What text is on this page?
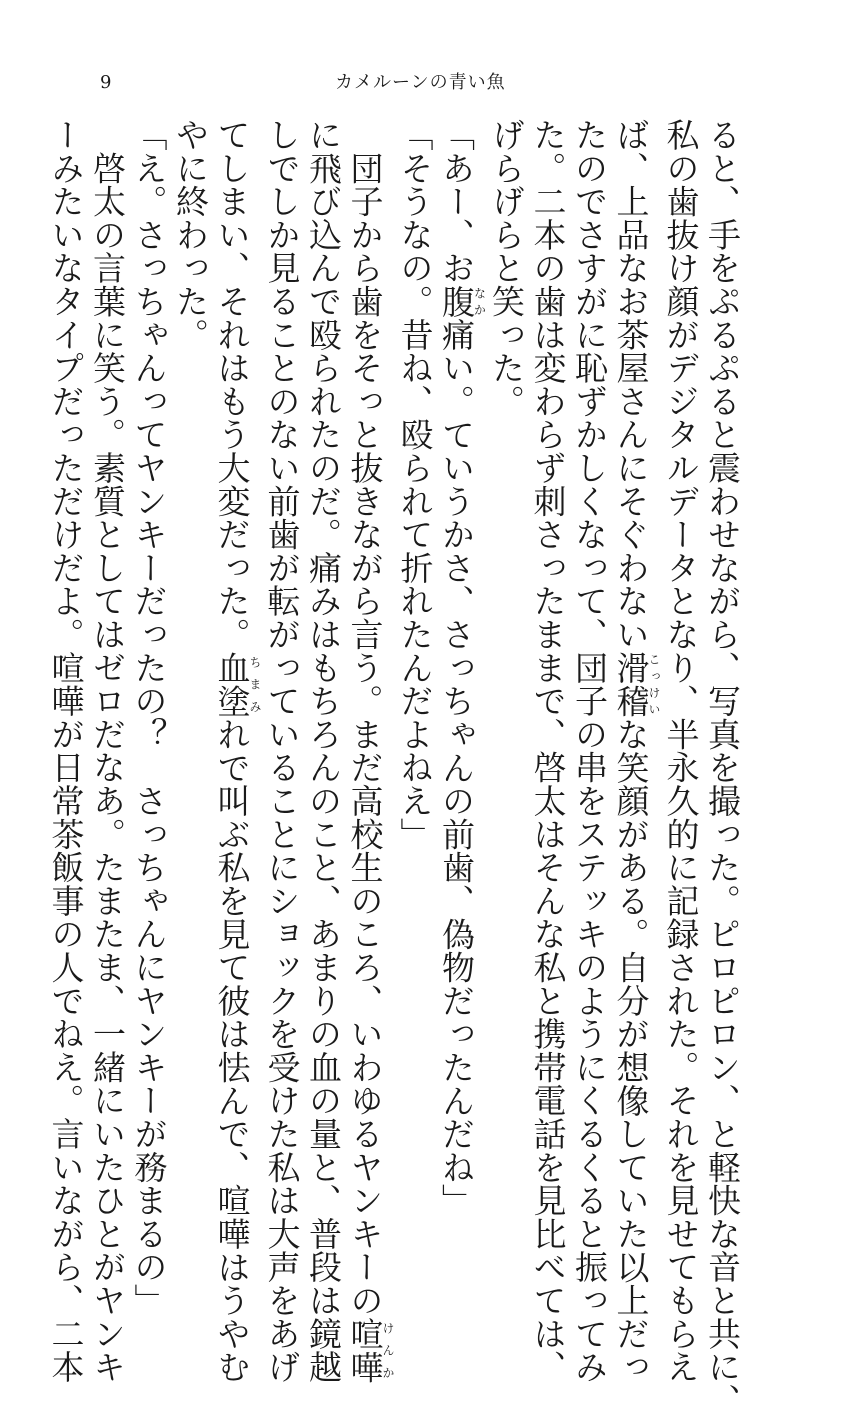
9	カメルーンの青い魚
ると、手をぷるぷると震わせながら、写真を撮った。ピロピロン、と軽快な音と共に、
私の歯抜け顔がデジタルデータとなり、半永久的に記録された。それを見せてもらえ
ば、上品なお茶屋さんにそぐわない滑稽こっけいな笑顔がある。自分が想像していた以上だっ
たのでさすがに恥ずかしくなって、団子の串をステッキのようにくるくると振ってみ
た。二本の歯は変わらず刺さったままで、啓太はそんな私と携帯電話を見比べては、
げらげらと笑った。
「あー、お腹なか痛い。ていうかさ、さっちゃんの前歯、偽物だったんだね」
「そうなの。昔ね、殴られて折れたんだよねえ」
　団子から歯をそっと抜きながら言う。まだ高校生のころ、いわゆるヤンキーの喧嘩けんか
に飛び込んで殴られたのだ。痛みはもちろんのこと、あまりの血の量と、普段は鏡越
しでしか見ることのない前歯が転がっていることにショックを受けた私は大声をあげ
てしまい、それはもう大変だった。血塗ちまみれで叫ぶ私を見て彼は怯んで、喧嘩はうやむ
やに終わった。
「え。さっちゃんってヤンキーだったの？　さっちゃんにヤンキーが務まるの」
　啓太の言葉に笑う。素質としてはゼロだなあ。たまたま、一緒にいたひとがヤンキ
ーみたいなタイプだっただけだよ。喧嘩が日常茶飯事の人でねえ。言いながら、二本
